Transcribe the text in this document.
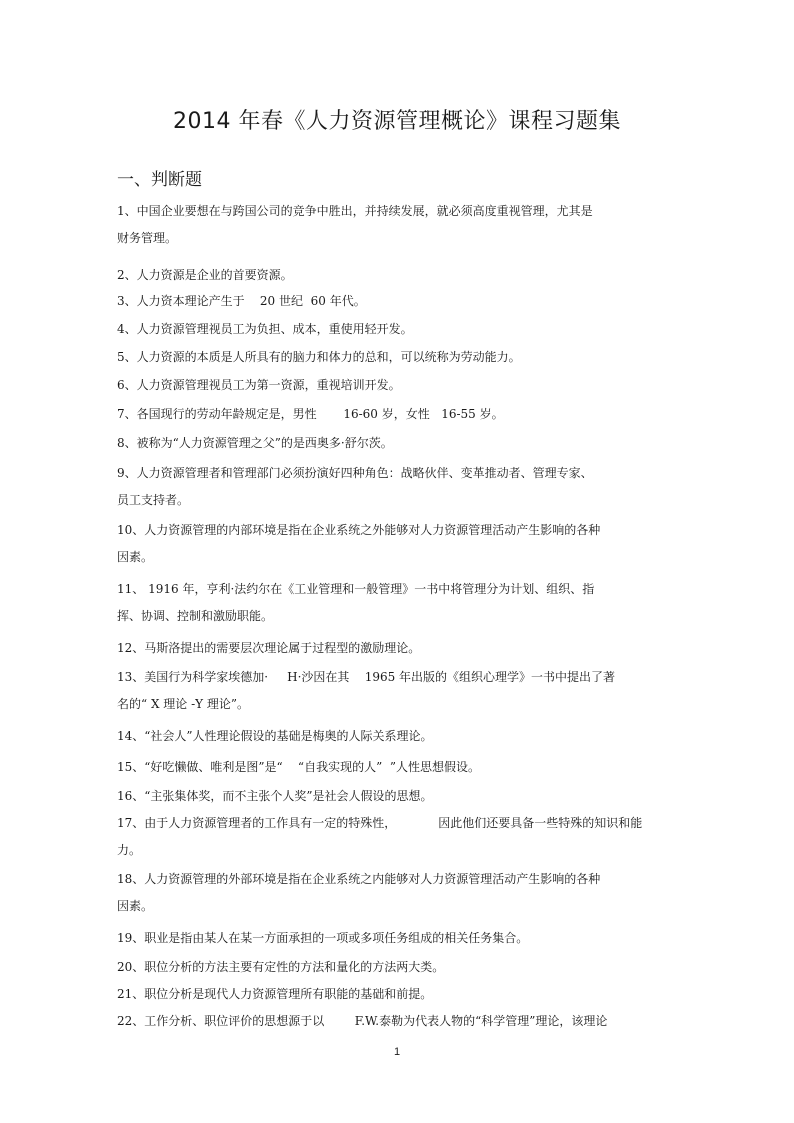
2014 年春《人力资源管理概论》课程习题集
一、判断题
1、中国企业要想在与跨国公司的竞争中胜出，并持续发展，就必须高度重视管理，尤其是
财务管理。
2、人力资源是企业的首要资源。
3、人力资本理论产生于    20 世纪  60 年代。
4、人力资源管理视员工为负担、成本，重使用轻开发。
5、人力资源的本质是人所具有的脑力和体力的总和，可以统称为劳动能力。
6、人力资源管理视员工为第一资源，重视培训开发。
7、各国现行的劳动年龄规定是，男性       16-60 岁，女性   16-55 岁。
8、被称为“人力资源管理之父”的是西奥多·舒尔茨。
9、人力资源管理者和管理部门必须扮演好四种角色：战略伙伴、变革推动者、管理专家、
员工支持者。
10、人力资源管理的内部环境是指在企业系统之外能够对人力资源管理活动产生影响的各种
因素。
11、 1916 年，亨利·法约尔在《工业管理和一般管理》一书中将管理分为计划、组织、指
挥、协调、控制和激励职能。
12、马斯洛提出的需要层次理论属于过程型的激励理论。
13、美国行为科学家埃德加·     H·沙因在其    1965 年出版的《组织心理学》一书中提出了著
名的“ X 理论 -Y 理论”。
14、“社会人”人性理论假设的基础是梅奥的人际关系理论。
15、“好吃懒做、唯利是图”是“    “自我实现的人”  ”人性思想假设。
16、“主张集体奖，而不主张个人奖”是社会人假设的思想。
17、由于人力资源管理者的工作具有一定的特殊性，           因此他们还要具备一些特殊的知识和能
力。
18、人力资源管理的外部环境是指在企业系统之内能够对人力资源管理活动产生影响的各种
因素。
19、职业是指由某人在某一方面承担的一项或多项任务组成的相关任务集合。
20、职位分析的方法主要有定性的方法和量化的方法两大类。
21、职位分析是现代人力资源管理所有职能的基础和前提。
22、工作分析、职位评价的思想源于以        F.W.泰勒为代表人物的“科学管理”理论，该理论
1
